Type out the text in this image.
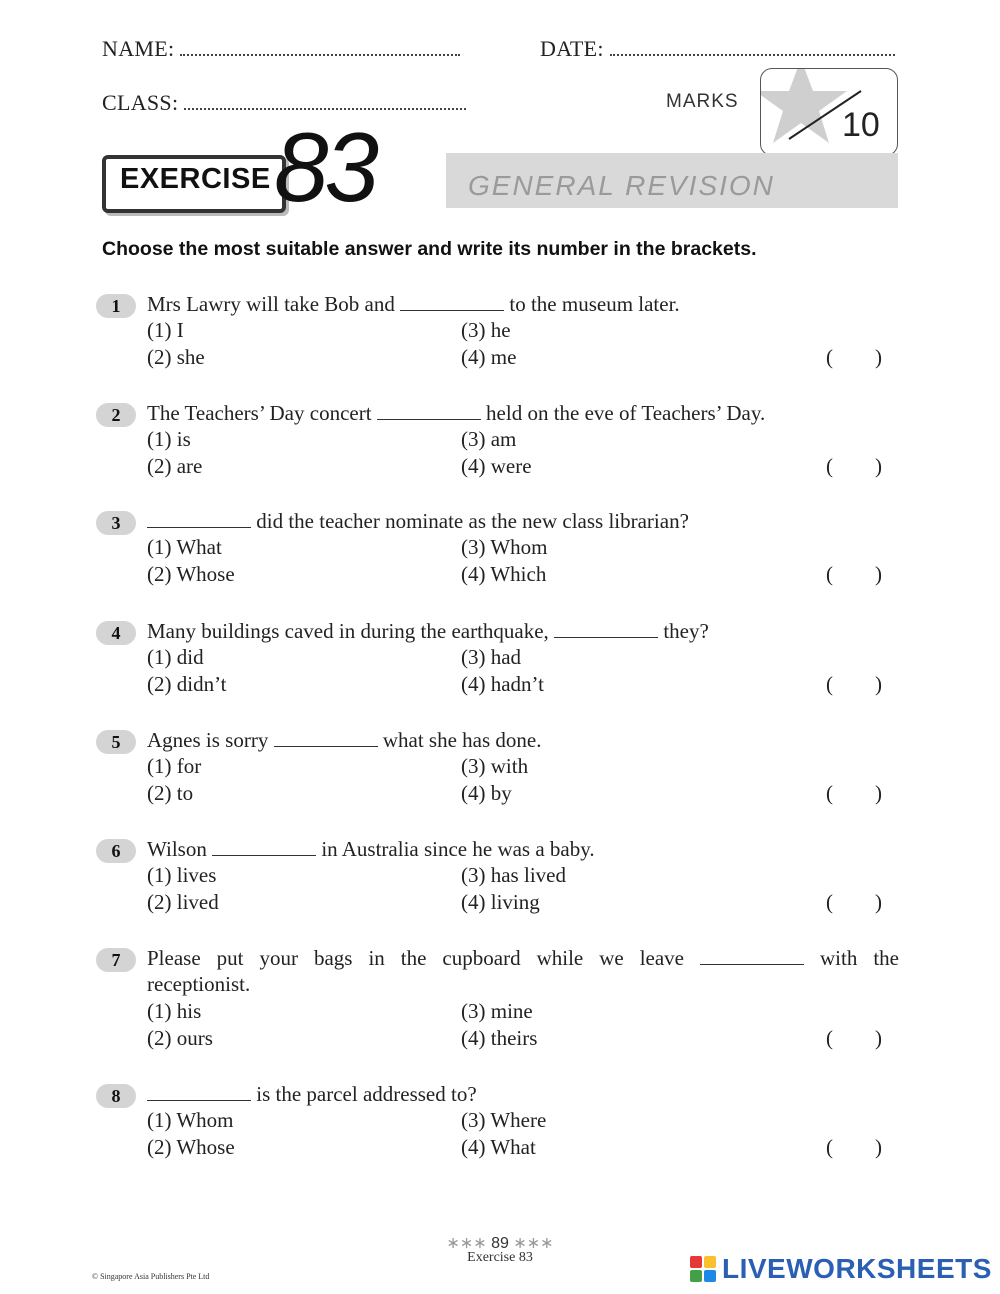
NAME:	DATE:
CLASS:	MARKS
10
GENERAL REVISION
EXERCISE 83
Choose the most suitable answer and write its number in the brackets.
1	Mrs Lawry will take Bob and	to the museum later.
(1) I	(3) he
(2) she	(4) me	(        )
2	The Teachers’ Day concert	held on the eve of Teachers’ Day.
(1) is	(3) am
(2) are	(4) were	(        )
3	did the teacher nominate as the new class librarian?
(1) What	(3) Whom
(2) Whose	(4) Which	(        )
4	Many buildings caved in during the earthquake,	they?
(1) did	(3) had
(2) didn’t	(4) hadn’t	(        )
5	Agnes is sorry	what she has done.
(1) for	(3) with
(2) to	(4) by	(        )
6	Wilson	in Australia since he was a baby.
(1) lives	(3) has lived
(2) lived	(4) living	(        )
7	Please put your bags in the cupboard while we leave	with the
receptionist.
(1) his	(3) mine
(2) ours	(4) theirs	(        )
8	is the parcel addressed to?
(1) Whom	(3) Where
(2) Whose	(4) What	(        )
∗∗∗ 89 ∗∗∗
Exercise 83
© Singapore Asia Publishers Pte Ltd	LIVEWORKSHEETS
